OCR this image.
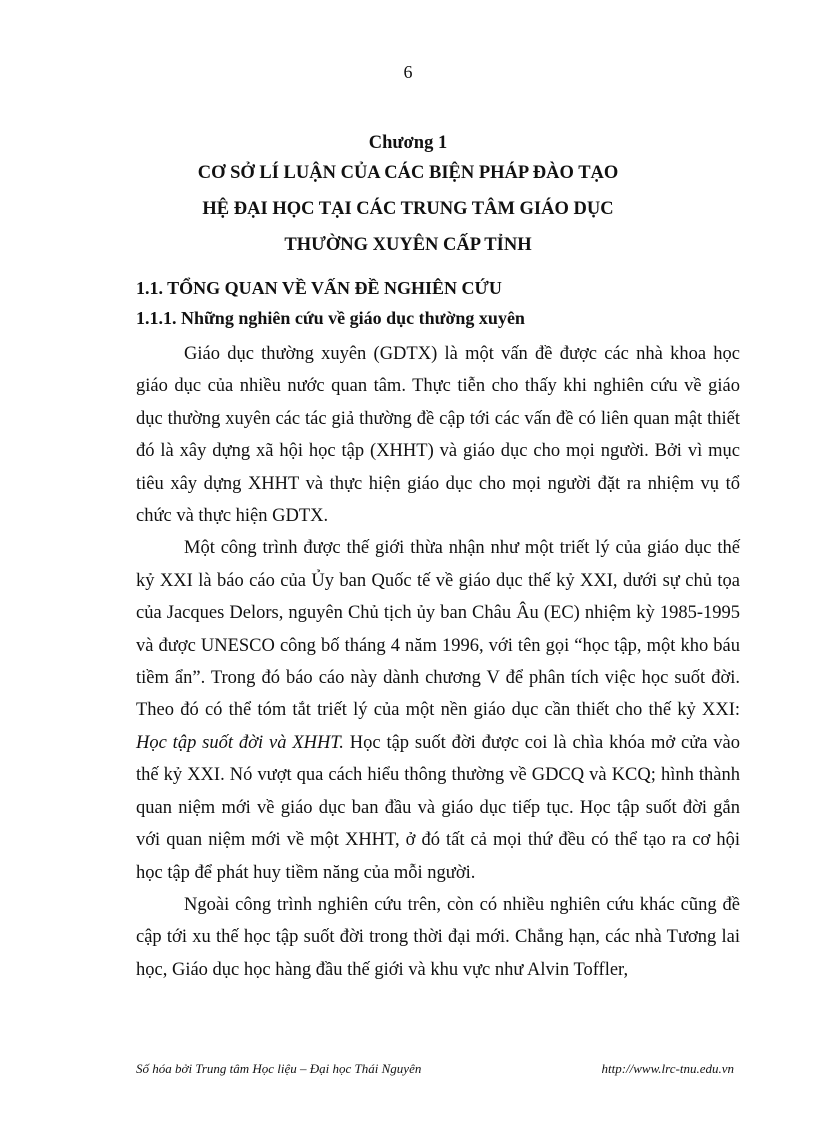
6
Chương 1
CƠ SỞ LÍ LUẬN CỦA CÁC BIỆN PHÁP ĐÀO TẠO
HỆ ĐẠI HỌC TẠI CÁC TRUNG TÂM GIÁO DỤC
THƯỜNG XUYÊN CẤP TỈNH
1.1. TỔNG QUAN VỀ VẤN ĐỀ NGHIÊN CỨU
1.1.1. Những nghiên cứu về giáo dục thường xuyên

Giáo dục thường xuyên (GDTX) là một vấn đề được các nhà khoa học giáo dục của nhiều nước quan tâm. Thực tiễn cho thấy khi nghiên cứu về giáo dục thường xuyên các tác giả thường đề cập tới các vấn đề có liên quan mật thiết đó là xây dựng xã hội học tập (XHHT) và giáo dục cho mọi người. Bởi vì mục tiêu xây dựng XHHT và thực hiện giáo dục cho mọi người đặt ra nhiệm vụ tổ chức và thực hiện GDTX.

Một công trình được thế giới thừa nhận như một triết lý của giáo dục thế kỷ XXI là báo cáo của Ủy ban Quốc tế về giáo dục thế kỷ XXI, dưới sự chủ tọa của Jacques Delors, nguyên Chủ tịch ủy ban Châu Âu (EC) nhiệm kỳ 1985-1995 và được UNESCO công bố tháng 4 năm 1996, với tên gọi “học tập, một kho báu tiềm ẩn”. Trong đó báo cáo này dành chương V để phân tích việc học suốt đời. Theo đó có thể tóm tắt triết lý của một nền giáo dục cần thiết cho thế kỷ XXI: Học tập suốt đời và XHHT. Học tập suốt đời được coi là chìa khóa mở cửa vào thế kỷ XXI. Nó vượt qua cách hiểu thông thường về GDCQ và KCQ; hình thành quan niệm mới về giáo dục ban đầu và giáo dục tiếp tục. Học tập suốt đời gắn với quan niệm mới về một XHHT, ở đó tất cả mọi thứ đều có thể tạo ra cơ hội học tập để phát huy tiềm năng của mỗi người.

Ngoài công trình nghiên cứu trên, còn có nhiều nghiên cứu khác cũng đề cập tới xu thế học tập suốt đời trong thời đại mới. Chẳng hạn, các nhà Tương lai học, Giáo dục học hàng đầu thế giới và khu vực như Alvin Toffler,

Số hóa bởi Trung tâm Học liệu – Đại học Thái Nguyên	http://www.lrc-tnu.edu.vn
